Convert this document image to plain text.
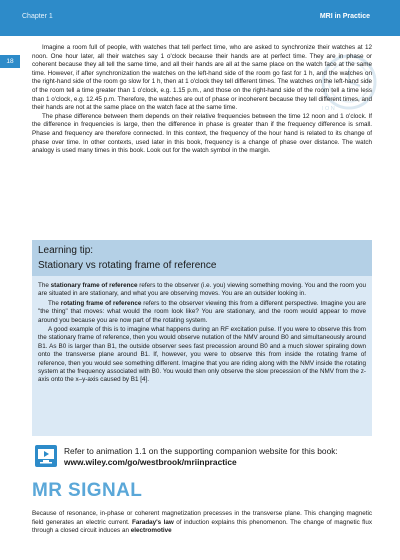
Chapter 1	MRI in Practice
18
ION

Imagine a room full of people, with watches that tell perfect time, who are asked to synchronize their watches at 12 noon. One hour later, all their watches say 1 o'clock because their hands are at perfect time. They are in phase or coherent because they all tell the same time, and all their hands are all at the same place on the watch face at the same time. However, if after synchronization the watches on the left-hand side of the room go fast for 1 h, and the watches on the right-hand side of the room go slow for 1 h, then at 1 o'clock they tell different times. The watches on the left-hand side of the room tell a time greater than 1 o'clock, e.g. 1.15 p.m., and those on the right-hand side of the room tell a time less than 1 o'clock, e.g. 12.45 p.m. Therefore, the watches are out of phase or incoherent because they tell different times, and their hands are not at the same place on the watch face at the same time.

The phase difference between them depends on their relative frequencies between the time 12 noon and 1 o'clock. If the difference in frequencies is large, then the difference in phase is greater than if the frequency difference is small. Phase and frequency are therefore connected. In this context, the frequency of the hour hand is related to its change of phase over time. In other contexts, used later in this book, frequency is a change of phase over distance. The watch analogy is used many times in this book. Look out for the watch symbol in the margin.

Learning tip:
Stationary vs rotating frame of reference

The stationary frame of reference refers to the observer (i.e. you) viewing something moving. You and the room you are situated in are stationary, and what you are observing moves. You are an outsider looking in.

The rotating frame of reference refers to the observer viewing this from a different perspective. Imagine you are "the thing" that moves: what would the room look like? You are stationary, and the room would appear to move around you because you are now part of the rotating system.

A good example of this is to imagine what happens during an RF excitation pulse. If you were to observe this from the stationary frame of reference, then you would observe nutation of the NMV around B0 and simultaneously around B1. As B0 is larger than B1, the outside observer sees fast precession around B0 and a much slower spiraling down onto the transverse plane around B1. If, however, you were to observe this from inside the rotating frame of reference, then you would see something different. Imagine that you are riding along with the NMV inside the rotating system at the frequency associated with B0. You would then only observe the slow precession of the NMV from the z-axis onto the x–y-axis caused by B1 [4].

Refer to animation 1.1 on the supporting companion website for this book:
www.wiley.com/go/westbrook/mriinpractice
MR SIGNAL
Because of resonance, in-phase or coherent magnetization precesses in the transverse plane. This changing magnetic field generates an electric current. Faraday's law of induction explains this phenomenon. The change of magnetic flux through a closed circuit induces an electromotive
